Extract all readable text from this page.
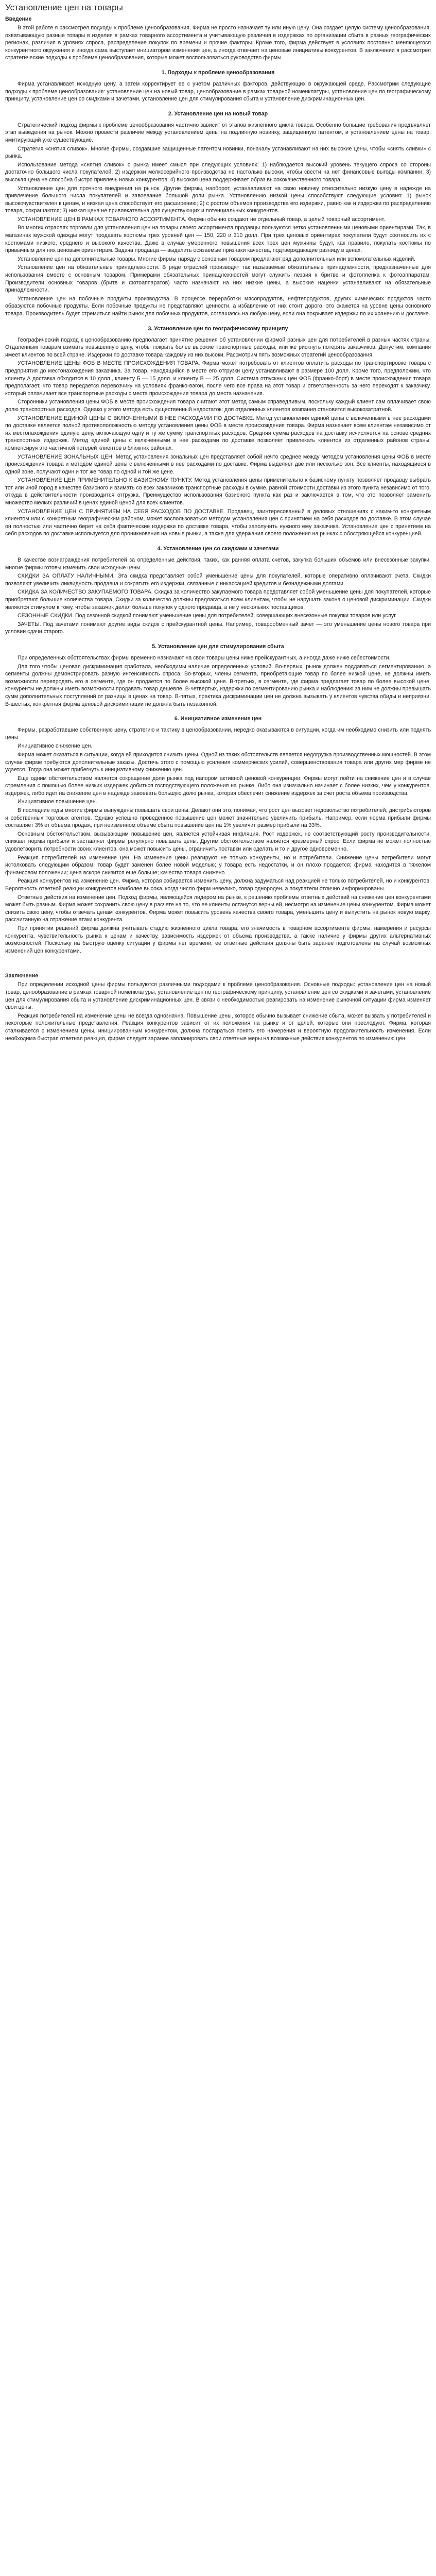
Установление цен на товары
Введение
В этой работе я рассмотрел подходы к проблеме ценообразования. Фирма не просто назначает ту или иную цену. Она создает целую систему ценообразования, охватывающую разные товары в изделия в рамках товарного ассортимента и учитывающую различия в издержках по организации сбыта в разных географических регионах, различия в уровнях спроса, распределение покупок по времени и прочие факторы. Кроме того, фирма действует в условиях постоянно меняющегося конкурентного окружения и иногда сама выступает инициатором изменения цен, а иногда отвечает на ценовые инициативы конкурентов. В заключении я рассмотрел стратегические подходы к проблеме ценообразования, которые может воспользоваться руководство фирмы.
1. Подходы к проблеме ценообразования
Фирма устанавливает исходную цену, а затем корректирует ее с учетом различных факторов, действующих в окружающей среде. Рассмотрим следующие подходы к проблеме ценообразования: установление цен на новый товар, ценообразование в рамках товарной номенклатуры, установление цен по географическому принципу, установление цен со скидками и зачетами, установление цен для стимулирования сбыта и установление дискриминационных цен.
2. Установление цен на новый товар
Стратегический подход фирмы к проблеме ценообразования частично зависит от этапов жизненного цикла товара. Особенно большие требования предъявляет этап выведения на рынок. Можно провести различие между установлением цены на подлинную новинку, защищенную патентом, и установлением цены на товар, имитирующий уже существующие.
Стратегия «снятия сливок». Многие фирмы, создавшие защищенные патентом новинки, поначалу устанавливают на них высокие цены, чтобы «снять сливки» с рынка.
Использование метода «снятия сливок» с рынка имеет смысл при следующих условиях: 1) наблюдается высокий уровень текущего спроса со стороны достаточно большого числа покупателей; 2) издержки мелкосерийного производства не настолько высоки, чтобы свести на нет финансовые выгоды компании; 3) высокая цена не способна быстро привлечь новых конкурентов; 4) высокая цена поддерживает образ высококачественного товара.
Установление цен для прочного внедрения на рынок. Другие фирмы, наоборот, устанавливают на свою новинку относительно низкую цену в надежде на привлечение большого числа покупателей и завоевание большой доли рынка. Установлению низкой цены способствуют следующие условия: 1) рынок высокочувствителен к ценам, и низкая цена способствует его расширению; 2) с ростом объемов производства его издержки, равно как и издержки по распределению товара, сокращаются; 3) низкая цена не привлекательна для существующих и потенциальных конкурентов.
УСТАНОВЛЕНИЕ ЦЕН В РАМКАХ ТОВАРНОГО АССОРТИМЕНТА. Фирмы обычно создают не отдельный товар, а целый товарный ассортимент.
Во многих отраслях торговли для установления цен на товары своего ассортимента продавцы пользуются четко установленными ценовыми ориентирами. Так, в магазинах мужской одежды могут продавать костюмы трех уровней цен — 150, 220 и 310 долл. При трех ценовых ориентирах покупатели будут соотносить их с костюмами низкого, среднего и высокого качества. Даже в случае умеренного повышения всех трех цен мужчины будут, как правило, покупать костюмы по привычным для них ценовым ориентирам. Задача продавца — выделить осязаемые признаки качества, подтверждающие разницу в ценах.
Установление цен на дополнительные товары. Многие фирмы наряду с основным товаром предлагают ряд дополнительных или вспомогательных изделий.
Установление цен на обязательные принадлежности. В ряде отраслей производят так называемые обязательные принадлежности, предназначенные для использования вместе с основным товаром. Примерами обязательных принадлежностей могут служить лезвия к бритве и фотопленка к фотоаппаратам. Производители основных товаров (бритв и фотоаппаратов) часто назначают на них низкие цены, а высокие наценки устанавливают на обязательные принадлежности.
Установление цен на побочные продукты производства. В процессе переработки мясопродуктов, нефтепродуктов, других химических продуктов часто образуются побочные продукты. Если побочные продукты не представляют ценности, а избавление от них стоит дорого, это скажется на уровне цены основного товара. Производитель будет стремиться найти рынок для побочных продуктов, соглашаясь на любую цену, если она покрывает издержки по их хранению и доставке.
3. Установление цен по географическому принципу
Географический подход к ценообразованию предполагает принятие решения об установлении фирмой разных цен для потребителей в разных частях страны. Отдаленным товарам взимать повышенную цену, чтобы покрыть более высокие транспортные расходы, или же рискнуть потерять заказчиков. Допустим, компания имеет клиентов по всей стране. Издержки по доставке товара каждому из них высоки. Рассмотрим пять возможных стратегий ценообразования.
УСТАНОВЛЕНИЕ ЦЕНЫ ФОБ В МЕСТЕ ПРОИСХОЖДЕНИЯ ТОВАРА. Фирма может потребовать от клиентов оплатить расходы по транспортировке товара с предприятия до местонахождения заказчика. За товар, находящийся в месте его отгрузки цену устанавливают в размере 100 долл. Кроме того, предположим, что клиенту А доставка обходится в 10 долл., клиенту Б — 15 долл. и клиенту В — 25 долл. Система отпускных цен ФОБ (франко-борт) в месте происхождения товара предполагает, что товар передается перевозчику на условиях франко-вагон, после чего все права на этот товар и ответственность за него переходят к заказчику, который оплачивает все транспортные расходы с места происхождения товара до места назначения.
Сторонники установления цены ФОБ в месте происхождения товара считают этот метод самым справедливым, поскольку каждый клиент сам оплачивает свою долю транспортных расходов. Однако у этого метода есть существенный недостаток: для отдаленных клиентов компания становится высокозатратной.
УСТАНОВЛЕНИЕ ЕДИНОЙ ЦЕНЫ С ВКЛЮЧЕННЫМИ В НЕЕ РАСХОДАМИ ПО ДОСТАВКЕ. Метод установления единой цены с включенными в нее расходами по доставке является полной противоположностью методу установления цены ФОБ в месте происхождения товара. Фирма назначает всем клиентам независимо от их местонахождения единую цену, включающую одну и ту же сумму транспортных расходов. Средняя сумма расходов на доставку исчисляется на основе средних транспортных издержек. Метод единой цены с включенными в нее расходами по доставке позволяет привлекать клиентов из отдаленных районов страны, компенсируя это частичной потерей клиентов в ближних районах.
УСТАНОВЛЕНИЕ ЗОНАЛЬНЫХ ЦЕН. Метод установления зональных цен представляет собой нечто среднее между методом установления цены ФОБ в месте происхождения товара и методом единой цены с включенными в нее расходами по доставке. Фирма выделяет две или несколько зон. Все клиенты, находящиеся в одной зоне, получают один и тот же товар по одной и той же цене.
УСТАНОВЛЕНИЕ ЦЕН ПРИМЕНИТЕЛЬНО К БАЗИСНОМУ ПУНКТУ. Метод установления цены применительно к базисному пункту позволяет продавцу выбрать тот или иной город в качестве базисного и взимать со всех заказчиков транспортные расходы в сумме, равной стоимости доставки из этого пункта независимо от того, откуда в действительности производится отгрузка. Преимущество использования базисного пункта как раз и заключается в том, что это позволяет заменить множество мелких различий в ценах единой ценой для всех клиентов.
УСТАНОВЛЕНИЕ ЦЕН С ПРИНЯТИЕМ НА СЕБЯ РАСХОДОВ ПО ДОСТАВКЕ. Продавец, заинтересованный в деловых отношениях с каким-то конкретным клиентом или с конкретным географическим районом, может воспользоваться методом установления цен с принятием на себя расходов по доставке. В этом случае он полностью или частично берет на себя фактические издержки по доставке товара, чтобы заполучить нужного ему заказчика. Установление цен с принятием на себя расходов по доставке используется для проникновения на новые рынки, а также для удержания своего положения на рынках с обостряющейся конкуренцией.
4. Установление цен со скидками и зачетами
В качестве вознаграждения потребителей за определенные действия, таких, как ранняя оплата счетов, закупка больших объемов или внесезонные закупки, многие фирмы готовы изменить свои исходные цены.
СКИДКИ ЗА ОПЛАТУ НАЛИЧНЫМИ. Эта скидка представляет собой уменьшение цены для покупателей, которые оперативно оплачивают счета. Скидки позволяют увеличить ликвидность продавца и сократить его издержки, связанные с инкассацией кредитов и безнадежными долгами.
СКИДКА ЗА КОЛИЧЕСТВО ЗАКУПАЕМОГО ТОВАРА. Скидка за количество закупаемого товара представляет собой уменьшение цены для покупателей, которые приобретают большие количества товара. Скидки за количество должны предлагаться всем клиентам, чтобы не нарушать закона о ценовой дискриминации. Скидки являются стимулом к тому, чтобы заказчик делал больше покупок у одного продавца, а не у нескольких поставщиков.
СЕЗОННЫЕ СКИДКИ. Под сезонной скидкой понимают уменьшение цены для потребителей, совершающих внесезонные покупки товаров или услуг.
ЗАЧЕТЫ. Под зачетами понимают другие виды скидок с прейскурантной цены. Например, товарообменный зачет — это уменьшение цены нового товара при условии сдачи старого.
5. Установление цен для стимулирования сбыта
При определенных обстоятельствах фирмы временно назначают на свои товары цены ниже прейскурантных, а иногда даже ниже себестоимости.
Для того чтобы ценовая дискриминация сработала, необходимы наличие определенных условий. Во-первых, рынок должен поддаваться сегментированию, а сегменты должны демонстрировать разную интенсивность спроса. Во-вторых, члены сегмента, приобретающие товар по более низкой цене, не должны иметь возможности перепродать его в сегменте, где он продается по более высокой цене. В-третьих, в сегменте, где фирма предлагает товар по более высокой цене, конкуренты не должны иметь возможности продавать товар дешевле. В-четвертых, издержки по сегментированию рынка и наблюдению за ним не должны превышать сумм дополнительных поступлений от разницы в ценах на товар. В-пятых, практика дискриминации цен не должна вызывать у клиентов чувства обиды и неприязни. В-шестых, конкретная форма ценовой дискриминации не должна быть незаконной.
6. Инициативное изменение цен
Фирмы, разработавшие собственную цену, стратегию и тактику в ценообразовании, нередко оказываются в ситуации, когда им необходимо снизить или поднять цены.
Инициативное снижение цен.
Фирма может оказаться в ситуации, когда ей приходится снизить цены. Одной из таких обстоятельств является недогрузка производственных мощностей. В этом случае фирме требуются дополнительные заказы. Достичь этого с помощью усиления коммерческих усилий, совершенствования товара или других мер фирме не удается. Тогда она может прибегнуть к инициативному снижению цен.
Еще одним обстоятельством является сокращение доли рынка под напором активной ценовой конкуренции. Фирмы могут пойти на снижение цен и в случае стремления с помощью более низких издержек добиться господствующего положения на рынке. Либо она изначально начинает с более низких, чем у конкурентов, издержек, либо идет на снижение цен в надежде завоевать большую долю рынка, которая обеспечит снижение издержек за счет роста объема производства.
Инициативное повышение цен.
В последние годы многие фирмы вынуждены повышать свои цены. Делают они это, понимая, что рост цен вызовет недовольство потребителей, дистрибьюторов и собственных торговых агентов. Однако успешно проведенное повышение цен может значительно увеличить прибыль. Например, если норма прибыли фирмы составляет 3% от объема продаж, при неизменном объеме сбыта повышение цен на 1% увеличит размер прибыли на 33%.
Основным обстоятельством, вызывающим повышение цен, является устойчивая инфляция. Рост издержек, не соответствующий росту производительности, снижает нормы прибыли и заставляет фирмы регулярно повышать цены. Другим обстоятельством является чрезмерный спрос. Если фирма не может полностью удовлетворить потребности своих клиентов, она может повысить цены, ограничить поставки или сделать и то и другое одновременно.
Реакция потребителей на изменение цен. На изменение цены реагируют не только конкуренты, но и потребители. Снижение цены потребители могут истолковать следующим образом: товар будет заменен более новой моделью; у товара есть недостатки, и он плохо продается; фирма находится в тяжелом финансовом положении; цена вскоре снизится еще больше; качество товара снижено.
Реакция конкурентов на изменение цен. Фирма, которая собирается изменить цену, должна задуматься над реакцией не только потребителей, но и конкурентов. Вероятность ответной реакции конкурентов наиболее высока, когда число фирм невелико, товар однороден, а покупатели отлично информированы.
Ответные действия на изменение цен. Подход фирмы, являющейся лидером на рынке, к решению проблемы ответных действий на снижение цен конкурентами может быть разным. Фирма может сохранить свою цену в расчете на то, что ее клиенты останутся верны ей, несмотря на изменение цены конкурентом. Фирма может снизить свою цену, чтобы отвечать ценам конкурентов. Фирма может повысить уровень качества своего товара, уменьшить цену и выпустить на рынок новую марку, рассчитанную на отражение атаки конкурента.
При принятии решений фирма должна учитывать стадию жизненного цикла товара, его значимость в товарном ассортименте фирмы, намерения и ресурсы конкурента, чувствительность рынка к ценам и качеству, зависимость издержек от объема производства, а также наличие у фирмы других альтернативных возможностей. Поскольку на быструю оценку ситуации у фирмы нет времени, ее ответные действия должны быть заранее подготовлены на случай возможных изменений цен конкурентами.
Заключение
При определении исходной цены фирмы пользуются различными подходами к проблеме ценообразования. Основные подходы: установление цен на новый товар, ценообразование в рамках товарной номенклатуры, установление цен по географическому принципу, установление цен со скидками и зачетами, установление цен для стимулирования сбыта и установление дискриминационных цен. В связи с необходимостью реагировать на изменение рыночной ситуации фирма изменяет свои цены.
Реакция потребителей на изменение цены не всегда однозначна. Повышение цены, которое обычно вызывает снижение сбыта, может вызвать у потребителей и некоторые положительные представления. Реакция конкурентов зависит от их положения на рынке и от целей, которые они преследуют. Фирма, которая сталкивается с изменением цены, инициированным конкурентом, должна постараться понять его намерения и вероятную продолжительность изменения. Если необходима быстрая ответная реакция, фирме следует заранее запланировать свои ответные меры на возможные действия конкурентов по изменению цен.
